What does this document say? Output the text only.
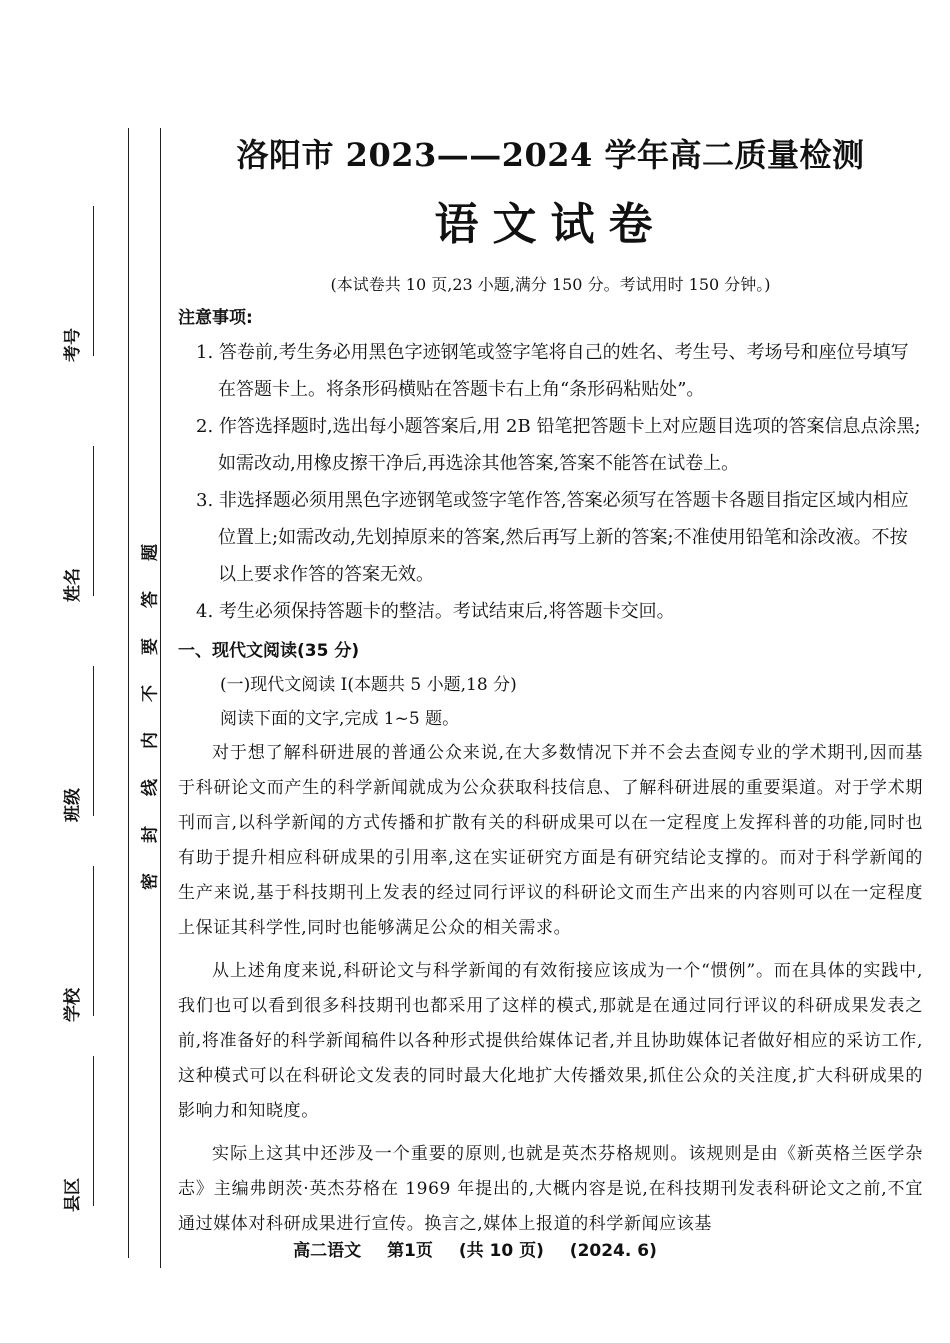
考号
姓名
班级
学校
县区
题
答
要
不
内
线
封
密
洛阳市 2023——2024 学年高二质量检测
语文试卷
(本试卷共 10 页,23 小题,满分 150 分。考试用时 150 分钟。)
注意事项:
1. 答卷前,考生务必用黑色字迹钢笔或签字笔将自己的姓名、考生号、考场号和座位号填写在答题卡上。将条形码横贴在答题卡右上角“条形码粘贴处”。
2. 作答选择题时,选出每小题答案后,用 2B 铅笔把答题卡上对应题目选项的答案信息点涂黑;如需改动,用橡皮擦干净后,再选涂其他答案,答案不能答在试卷上。
3. 非选择题必须用黑色字迹钢笔或签字笔作答,答案必须写在答题卡各题目指定区域内相应位置上;如需改动,先划掉原来的答案,然后再写上新的答案;不准使用铅笔和涂改液。不按以上要求作答的答案无效。
4. 考生必须保持答题卡的整洁。考试结束后,将答题卡交回。
一、现代文阅读(35 分)
(一)现代文阅读 I(本题共 5 小题,18 分)
阅读下面的文字,完成 1~5 题。

对于想了解科研进展的普通公众来说,在大多数情况下并不会去查阅专业的学术期刊,因而基于科研论文而产生的科学新闻就成为公众获取科技信息、了解科研进展的重要渠道。对于学术期刊而言,以科学新闻的方式传播和扩散有关的科研成果可以在一定程度上发挥科普的功能,同时也有助于提升相应科研成果的引用率,这在实证研究方面是有研究结论支撑的。而对于科学新闻的生产来说,基于科技期刊上发表的经过同行评议的科研论文而生产出来的内容则可以在一定程度上保证其科学性,同时也能够满足公众的相关需求。

从上述角度来说,科研论文与科学新闻的有效衔接应该成为一个“惯例”。而在具体的实践中,我们也可以看到很多科技期刊也都采用了这样的模式,那就是在通过同行评议的科研成果发表之前,将准备好的科学新闻稿件以各种形式提供给媒体记者,并且协助媒体记者做好相应的采访工作,这种模式可以在科研论文发表的同时最大化地扩大传播效果,抓住公众的关注度,扩大科研成果的影响力和知晓度。

实际上这其中还涉及一个重要的原则,也就是英杰芬格规则。该规则是由《新英格兰医学杂志》主编弗朗茨·英杰芬格在 1969 年提出的,大概内容是说,在科技期刊发表科研论文之前,不宜通过媒体对科研成果进行宣传。换言之,媒体上报道的科学新闻应该基

高二语文 第1页 (共 10 页) (2024. 6)
